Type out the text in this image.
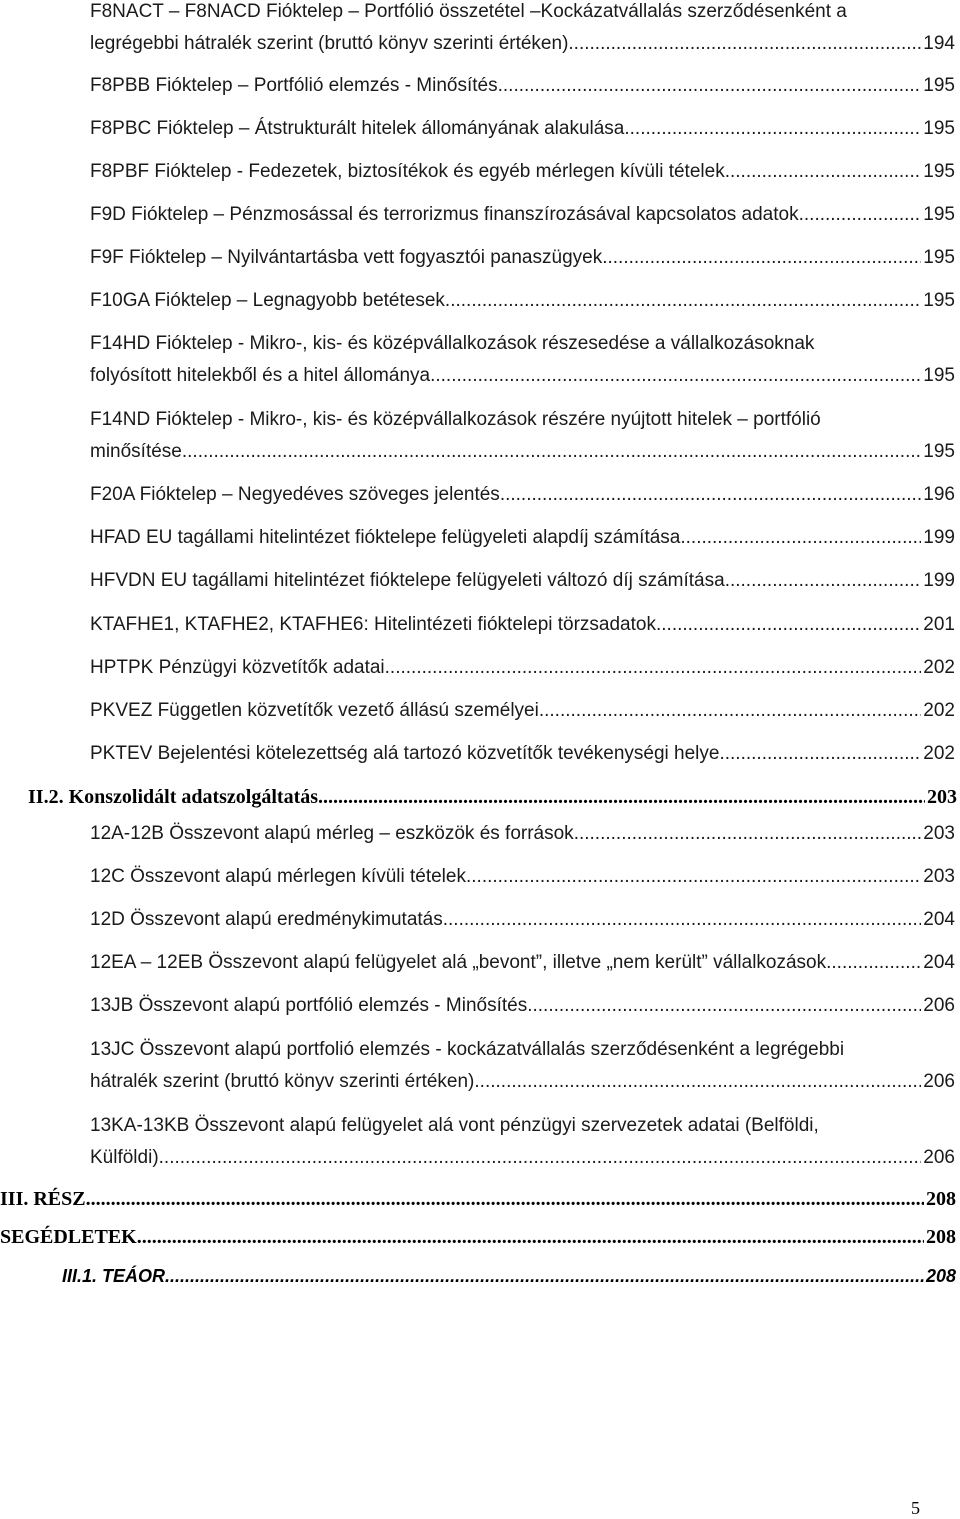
F8NACT – F8NACD Fióktelep – Portfólió összetétel –Kockázatvállalás szerződésenként a
legrégebbi hátralék szerint (bruttó könyv szerinti értéken) .....	194
F8PBB Fióktelep – Portfólió elemzés - Minősítés .....	195
F8PBC Fióktelep – Átstrukturált hitelek állományának alakulása .....	195
F8PBF Fióktelep - Fedezetek, biztosítékok és egyéb mérlegen kívüli tételek .....	195
F9D Fióktelep – Pénzmosással és terrorizmus finanszírozásával kapcsolatos adatok .....	195
F9F Fióktelep – Nyilvántartásba vett fogyasztói panaszügyek .....	195
F10GA Fióktelep – Legnagyobb betétesek .....	195
F14HD Fióktelep - Mikro-, kis- és középvállalkozások részesedése a vállalkozásoknak
folyósított hitelekből és a hitel állománya .....	195
F14ND Fióktelep - Mikro-, kis- és középvállalkozások részére nyújtott hitelek – portfólió
minősítése .....	195
F20A Fióktelep – Negyedéves szöveges jelentés .....	196
HFAD EU tagállami hitelintézet fióktelepe felügyeleti alapdíj számítása .....	199
HFVDN EU tagállami hitelintézet fióktelepe felügyeleti változó díj számítása .....	199
KTAFHE1, KTAFHE2, KTAFHE6: Hitelintézeti fióktelepi törzsadatok .....	201
HPTPK Pénzügyi közvetítők adatai .....	202
PKVEZ Független közvetítők vezető állású személyei .....	202
PKTEV Bejelentési kötelezettség alá tartozó közvetítők tevékenységi helye .....	202
II.2. Konszolidált adatszolgáltatás .....	203
12A-12B Összevont alapú mérleg – eszközök és források .....	203
12C Összevont alapú mérlegen kívüli tételek .....	203
12D Összevont alapú eredménykimutatás .....	204
12EA – 12EB Összevont alapú felügyelet alá „bevont”, illetve „nem került” vállalkozások. .....	204
13JB Összevont alapú portfólió elemzés - Minősítés .....	206
13JC Összevont alapú portfolió elemzés - kockázatvállalás szerződésenként a legrégebbi
hátralék szerint (bruttó könyv szerinti értéken) .....	206
13KA-13KB Összevont alapú felügyelet alá vont pénzügyi szervezetek adatai (Belföldi,
Külföldi) .....	206
III. RÉSZ .....	208
SEGÉDLETEK .....	208
III.1. TEÁOR .....	208
5
